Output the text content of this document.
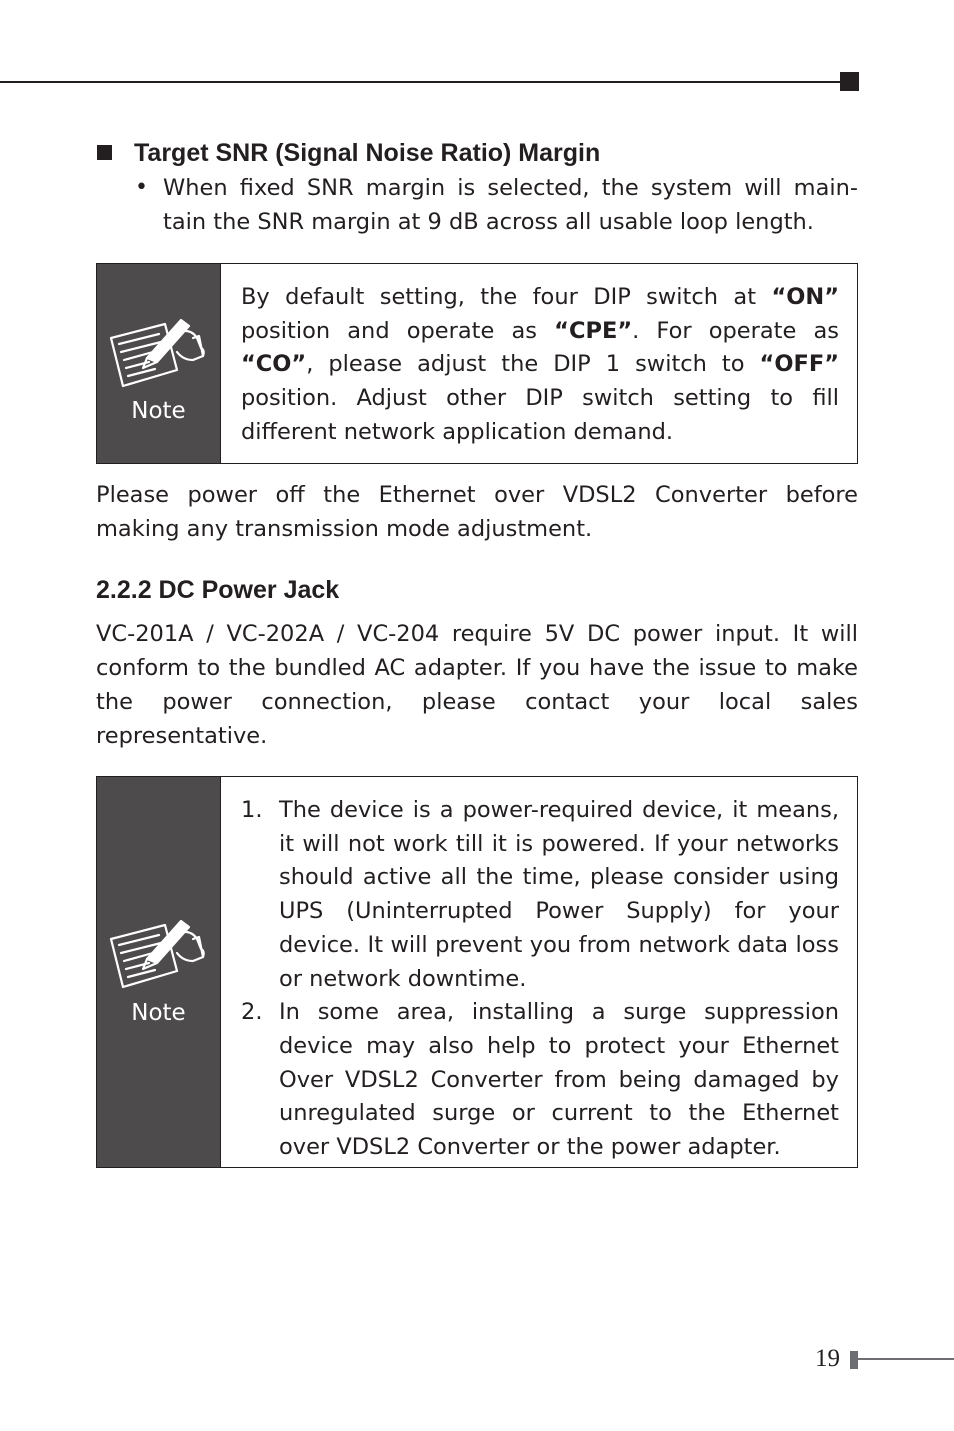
Target SNR (Signal Noise Ratio) Margin
• When fixed SNR margin is selected, the system will main- tain the SNR margin at 9 dB across all usable loop length.

Note

By default setting, the four DIP switch at “ON” position and operate as “CPE”. For operate as “CO”, please adjust the DIP 1 switch to “OFF” position. Adjust other DIP switch setting to fill different network application demand.

Please power off the Ethernet over VDSL2 Converter before making any transmission mode adjustment.

2.2.2 DC Power Jack

VC-201A / VC-202A / VC-204 require 5V DC power input. It will conform to the bundled AC adapter. If you have the issue to make the power connection, please contact your local sales representative.

Note
1. The device is a power-required device, it means, it will not work till it is powered. If your networks should active all the time, please consider using UPS (Uninterrupted Power Supply) for your device. It will prevent you from network data loss or network downtime.
2. In some area, installing a surge suppression device may also help to protect your Ethernet Over VDSL2 Converter from being damaged by unregulated surge or current to the Ethernet over VDSL2 Converter or the power adapter.
19
